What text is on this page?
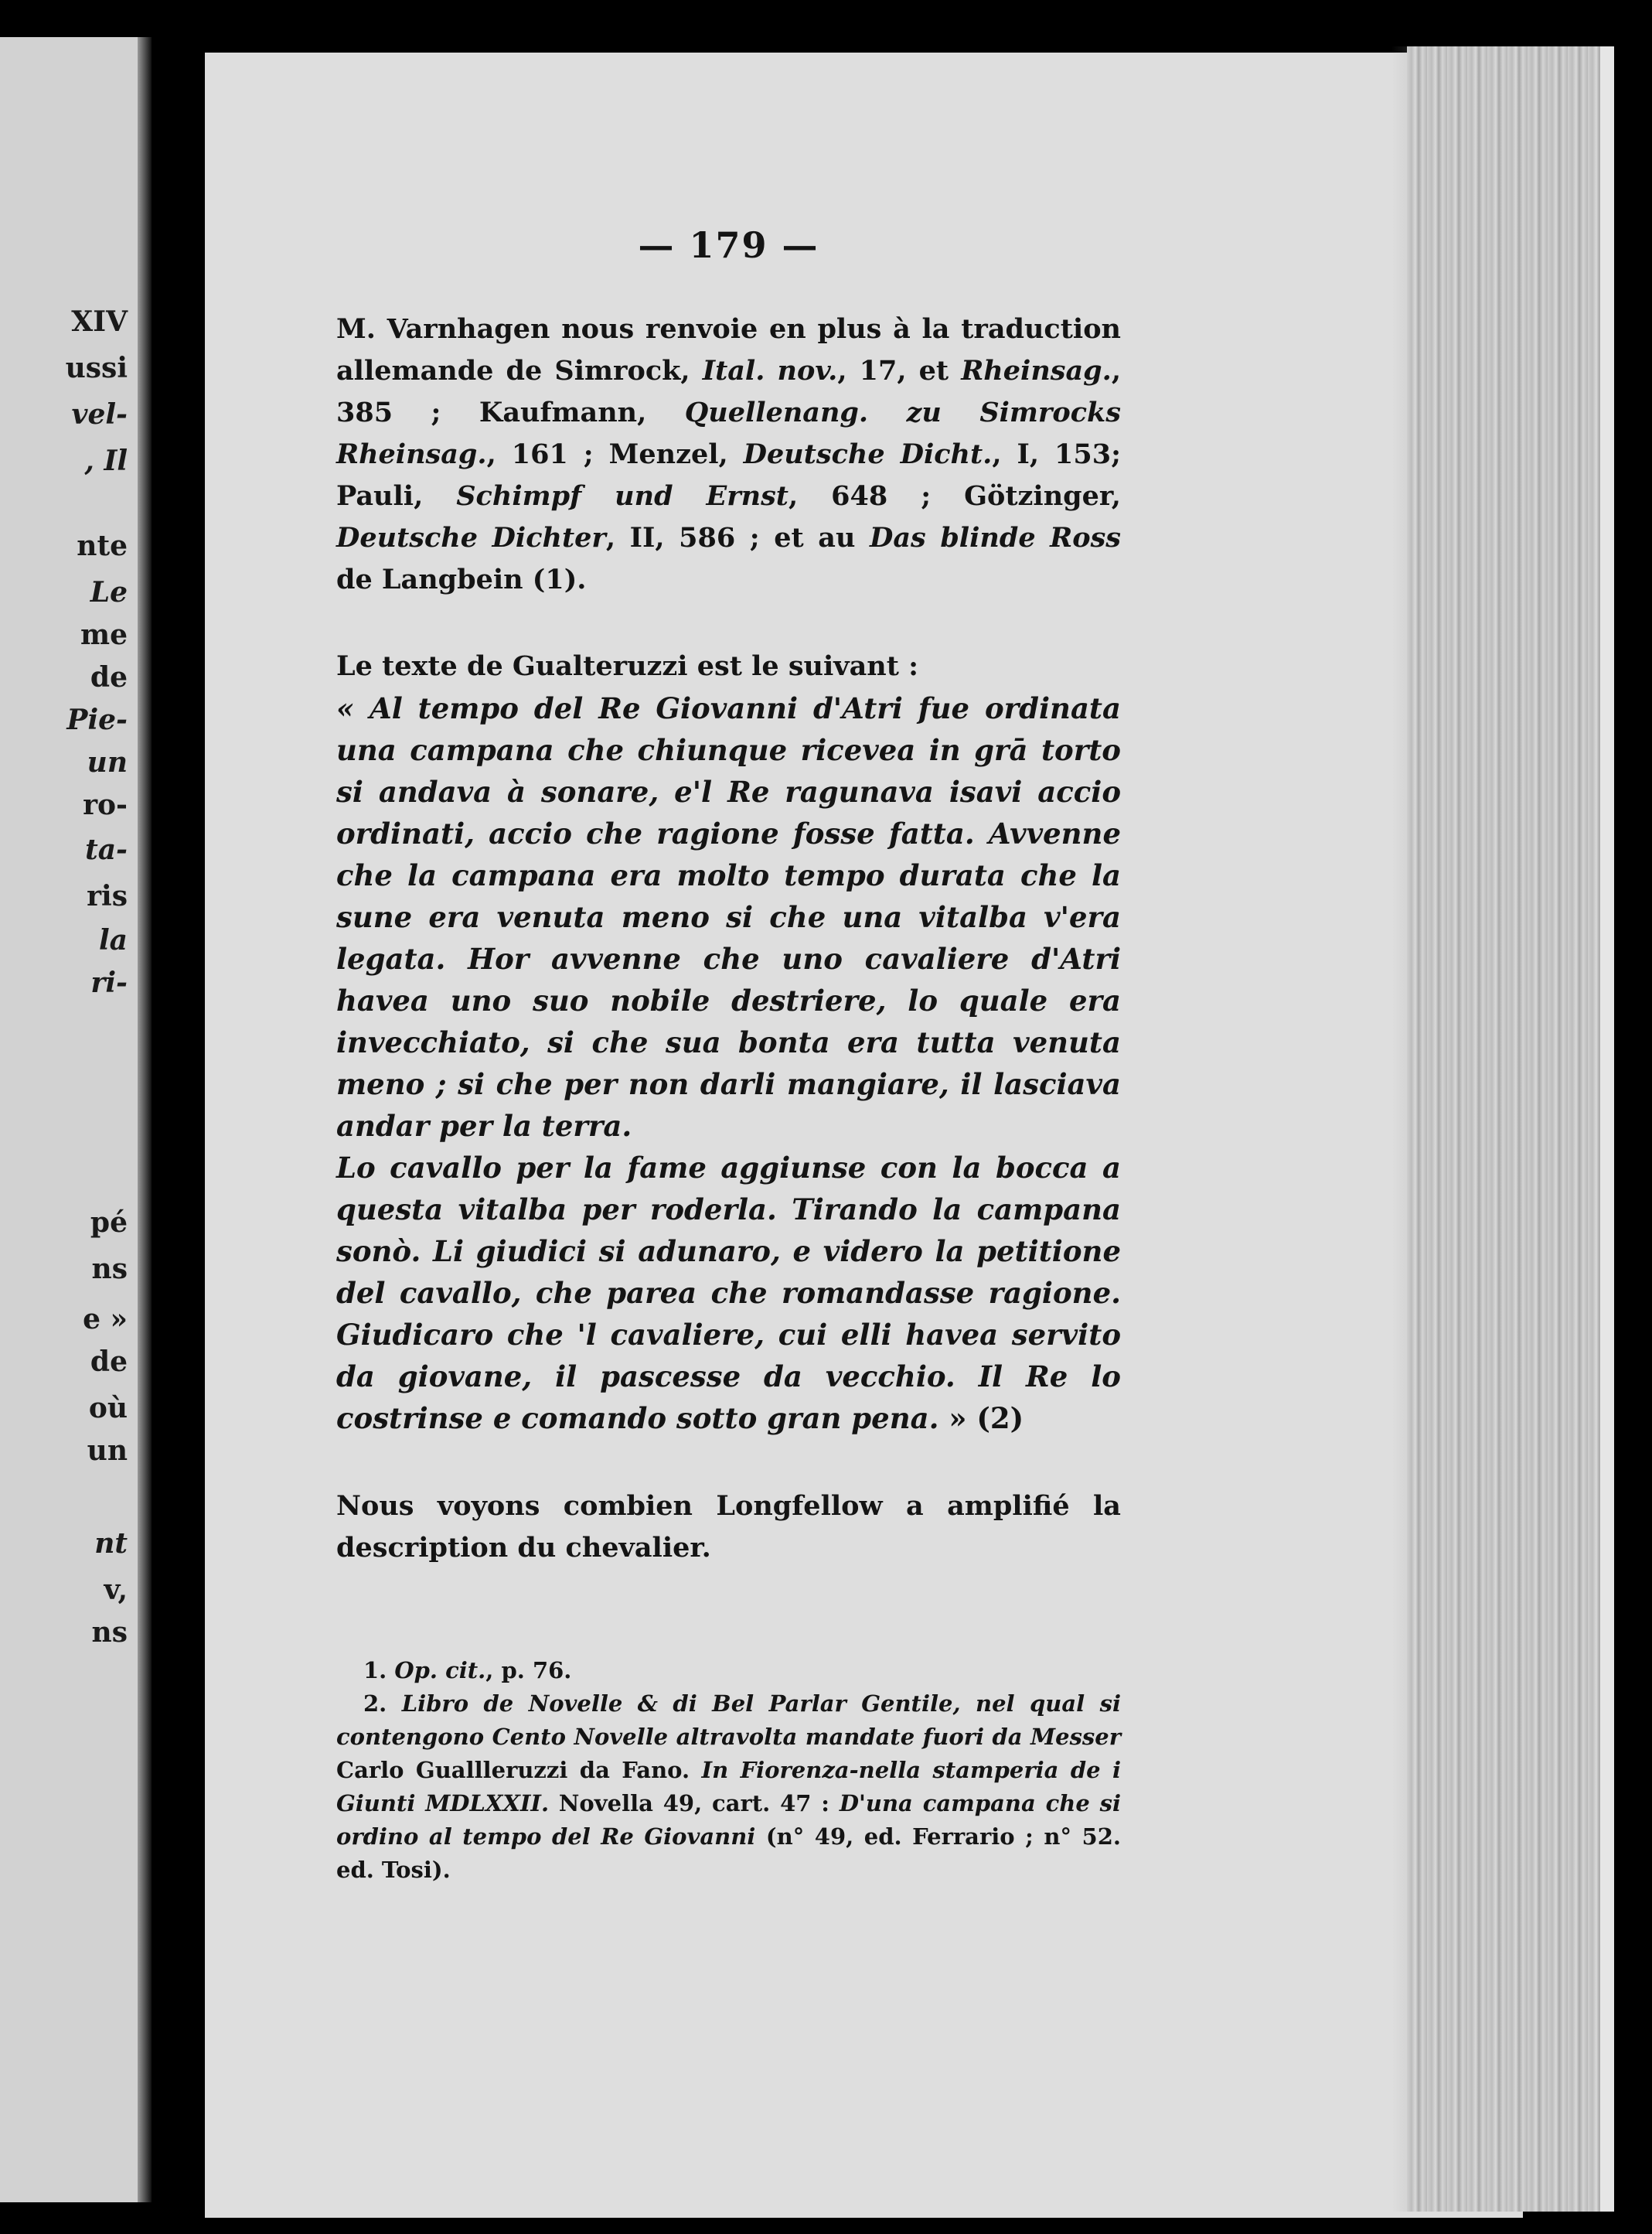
XIV
ussi
vel-
, Il
nte
Le
me
de
Pie-
un
ro-
ta-
ris
la
ri-
pé
ns
e »
de
où
un
nt
v,
ns
— 179 —

M. Varnhagen nous renvoie en plus à la traduction allemande de Simrock, Ital. nov., 17, et Rheinsag., 385 ; Kaufmann, Quellenang. zu Simrocks Rheinsag., 161 ; Menzel, Deutsche Dicht., I, 153; Pauli, Schimpf und Ernst, 648 ; Götzinger, Deutsche Dichter, II, 586 ; et au Das blinde Ross de Langbein (1).

Le texte de Gualteruzzi est le suivant :

« Al tempo del Re Giovanni d'Atri fue ordinata una campana che chiunque ricevea in grā torto si andava à sonare, e'l Re ragunava isavi accio ordinati, accio che ragione fosse fatta. Avvenne che la campana era molto tempo durata che la sune era venuta meno si che una vitalba v'era legata. Hor avvenne che uno cavaliere d'Atri havea uno suo nobile destriere, lo quale era invecchiato, si che sua bonta era tutta venuta meno ; si che per non darli mangiare, il lasciava andar per la terra.

Lo cavallo per la fame aggiunse con la bocca a questa vitalba per roderla. Tirando la campana sonò. Li giudici si adunaro, e videro la petitione del cavallo, che parea che romandasse ragione. Giudicaro che 'l cavaliere, cui elli havea servito da giovane, il pascesse da vecchio. Il Re lo costrinse e comando sotto gran pena. » (2)

Nous voyons combien Longfellow a amplifié la description du chevalier.

1. Op. cit., p. 76.

2. Libro de Novelle & di Bel Parlar Gentile, nel qual si contengono Cento Novelle altravolta mandate fuori da Messer Carlo Guallleruzzi da Fano. In Fiorenza-nella stamperia de i Giunti MDLXXII. Novella 49, cart. 47 : D'una campana che si ordino al tempo del Re Giovanni (n° 49, ed. Ferrario ; n° 52. ed. Tosi).
